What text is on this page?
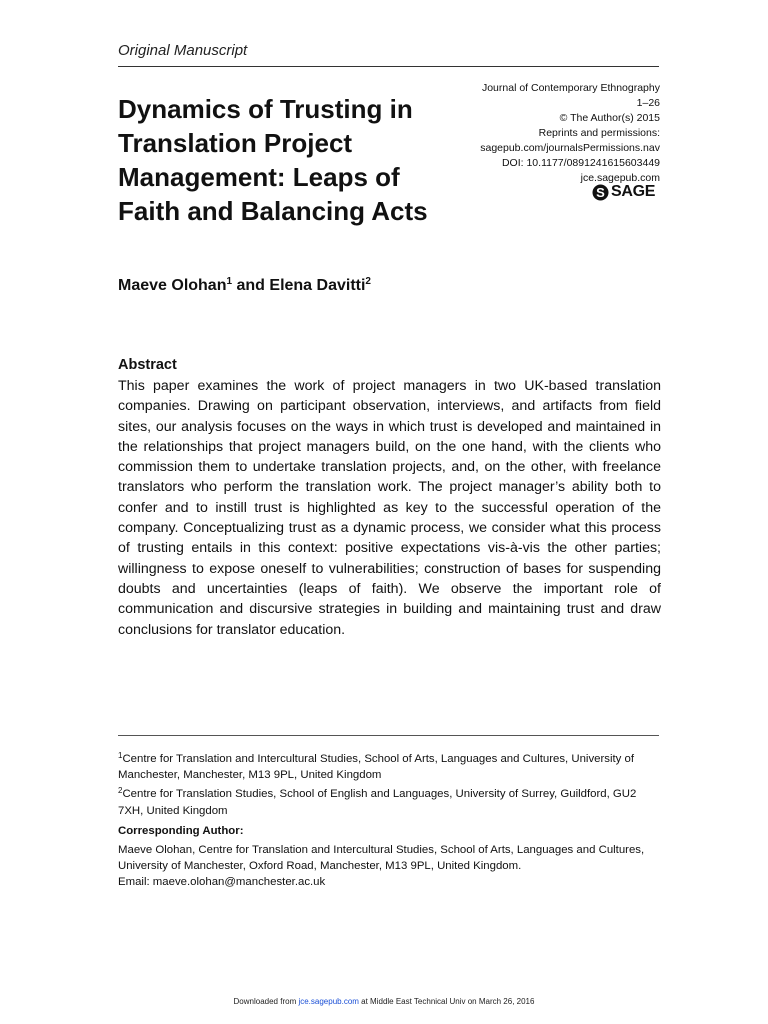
Original Manuscript
Dynamics of Trusting in Translation Project Management: Leaps of Faith and Balancing Acts
Journal of Contemporary Ethnography
1–26
© The Author(s) 2015
Reprints and permissions:
sagepub.com/journalsPermissions.nav
DOI: 10.1177/0891241615603449
jce.sagepub.com
S SAGE
Maeve Olohan$^1$ and Elena Davitti$^2$
Abstract

This paper examines the work of project managers in two UK-based translation companies. Drawing on participant observation, interviews, and artifacts from field sites, our analysis focuses on the ways in which trust is developed and maintained in the relationships that project managers build, on the one hand, with the clients who commission them to undertake translation projects, and, on the other, with freelance translators who perform the translation work. The project manager’s ability both to confer and to instill trust is highlighted as key to the successful operation of the company. Conceptualizing trust as a dynamic process, we consider what this process of trusting entails in this context: positive expectations vis-à-vis the other parties; willingness to expose oneself to vulnerabilities; construction of bases for suspending doubts and uncertainties (leaps of faith). We observe the important role of communication and discursive strategies in building and maintaining trust and draw conclusions for translator education.

$^1$Centre for Translation and Intercultural Studies, School of Arts, Languages and Cultures, University of Manchester, Manchester, M13 9PL, United Kingdom
$^2$Centre for Translation Studies, School of English and Languages, University of Surrey, Guildford, GU2 7XH, United Kingdom
Corresponding Author:
Maeve Olohan, Centre for Translation and Intercultural Studies, School of Arts, Languages and Cultures, University of Manchester, Oxford Road, Manchester, M13 9PL, United Kingdom.
Email: maeve.olohan@manchester.ac.uk
Downloaded from jce.sagepub.com at Middle East Technical Univ on March 26, 2016
